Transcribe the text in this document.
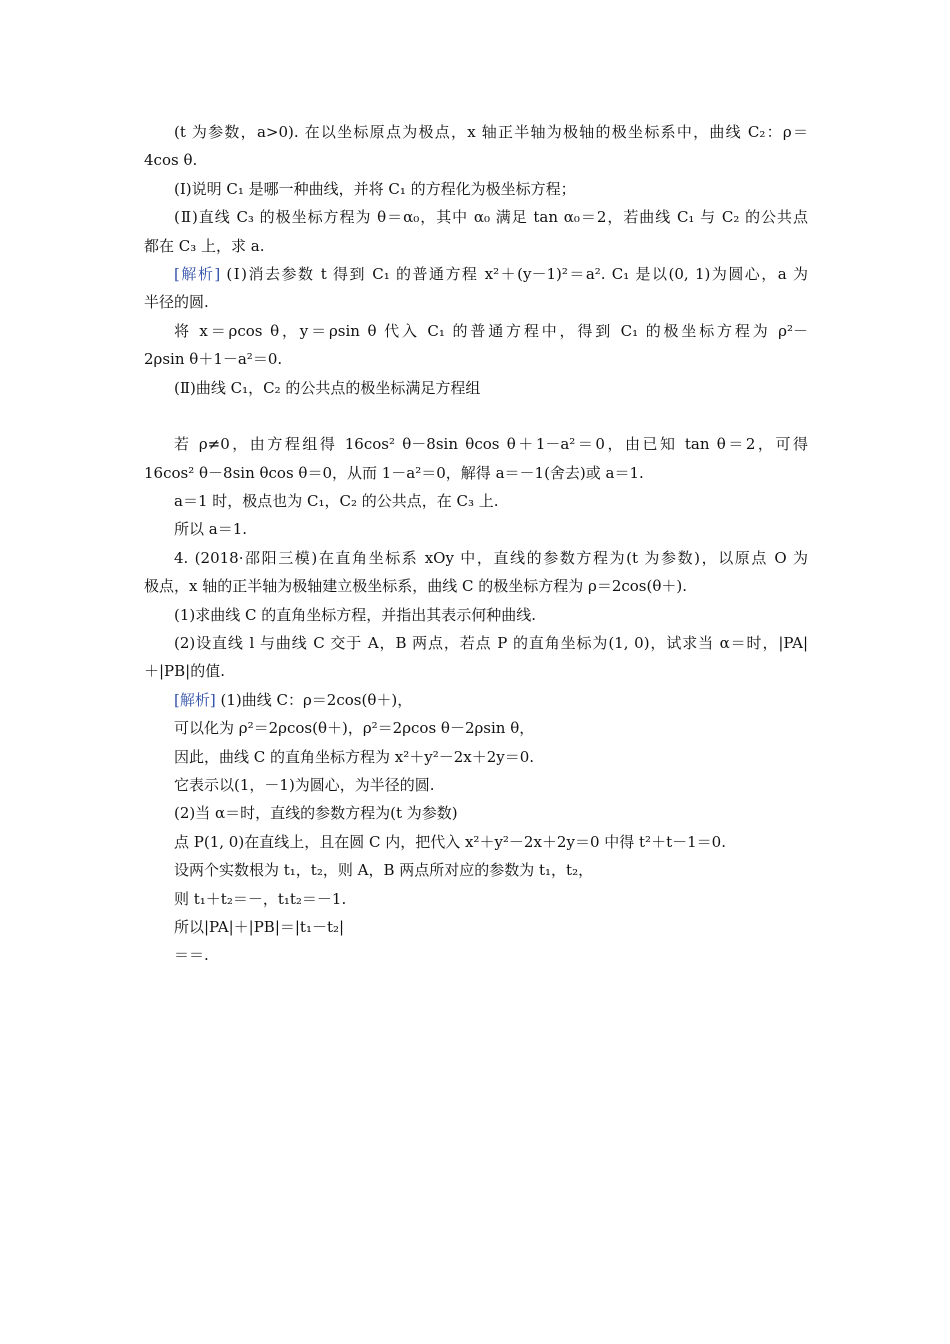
(t 为参数，a>0). 在以坐标原点为极点，x 轴正半轴为极轴的极坐标系中，曲线 C₂：ρ＝
4cos θ.
(Ⅰ)说明 C₁ 是哪一种曲线，并将 C₁ 的方程化为极坐标方程；
(Ⅱ)直线 C₃ 的极坐标方程为 θ＝α₀，其中 α₀ 满足 tan α₀＝2，若曲线 C₁ 与 C₂ 的公共点
都在 C₃ 上，求 a.
[解析] (Ⅰ)消去参数 t 得到 C₁ 的普通方程 x²＋(y－1)²＝a². C₁ 是以(0, 1)为圆心，a 为
半径的圆.
将 x＝ρcos θ，y＝ρsin θ 代入 C₁ 的普通方程中，得到 C₁ 的极坐标方程为 ρ²－
2ρsin θ＋1－a²＝0.
(Ⅱ)曲线 C₁，C₂ 的公共点的极坐标满足方程组
若 ρ≠0，由方程组得 16cos² θ－8sin θcos θ＋1－a²＝0，由已知 tan θ＝2，可得
16cos² θ－8sin θcos θ＝0，从而 1－a²＝0，解得 a＝－1(舍去)或 a＝1.
a＝1 时，极点也为 C₁，C₂ 的公共点，在 C₃ 上.
所以 a＝1.
4. (2018·邵阳三模)在直角坐标系 xOy 中，直线的参数方程为(t 为参数)，以原点 O 为
极点，x 轴的正半轴为极轴建立极坐标系，曲线 C 的极坐标方程为 ρ＝2cos(θ＋).
(1)求曲线 C 的直角坐标方程，并指出其表示何种曲线.
(2)设直线 l 与曲线 C 交于 A，B 两点，若点 P 的直角坐标为(1, 0)，试求当 α＝时，|PA|
＋|PB|的值.
[解析] (1)曲线 C：ρ＝2cos(θ＋)，
可以化为 ρ²＝2ρcos(θ＋)，ρ²＝2ρcos θ－2ρsin θ，
因此，曲线 C 的直角坐标方程为 x²＋y²－2x＋2y＝0.
它表示以(1，－1)为圆心，为半径的圆.
(2)当 α＝时，直线的参数方程为(t 为参数)
点 P(1, 0)在直线上，且在圆 C 内，把代入 x²＋y²－2x＋2y＝0 中得 t²＋t－1＝0.
设两个实数根为 t₁，t₂，则 A，B 两点所对应的参数为 t₁，t₂，
则 t₁＋t₂＝－，t₁t₂＝－1.
所以|PA|＋|PB|＝|t₁－t₂|
＝＝.
